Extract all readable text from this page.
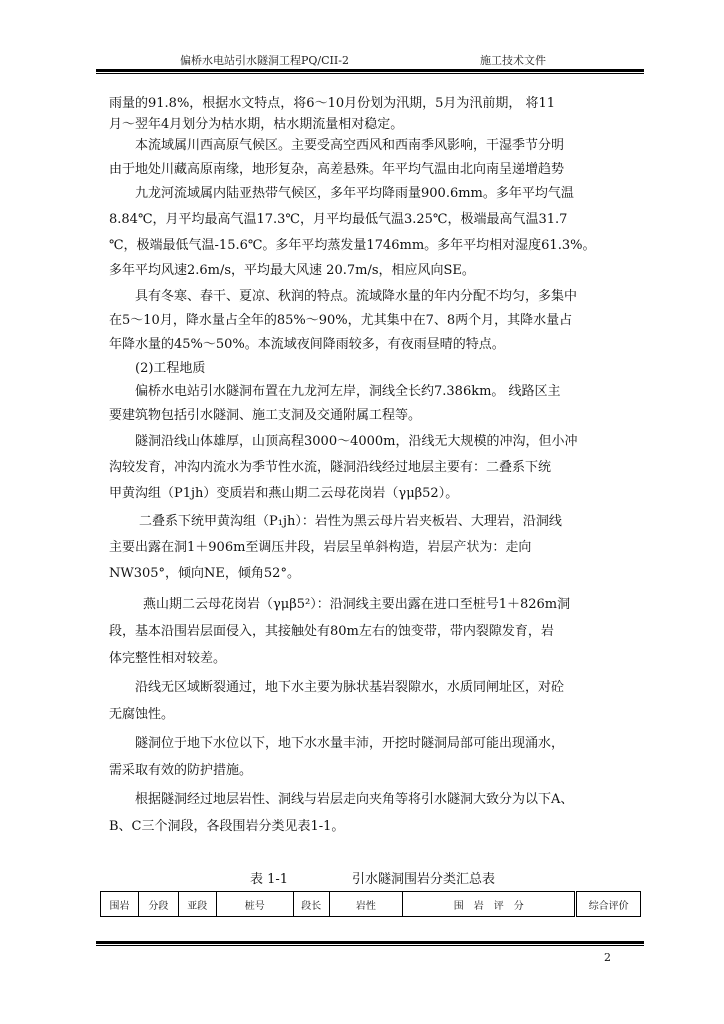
偏桥水电站引水隧洞工程PQ/CII-2	施工技术文件
雨量的91.8%，根据水文特点，将6～10月份划为汛期，5月为汛前期， 将11
月～翌年4月划分为枯水期，枯水期流量相对稳定。
本流域属川西高原气候区。主要受高空西风和西南季风影响，干湿季节分明
由于地处川藏高原南缘，地形复杂，高差悬殊。年平均气温由北向南呈递增趋势
九龙河流域属内陆亚热带气候区，多年平均降雨量900.6mm。多年平均气温
8.84℃，月平均最高气温17.3℃，月平均最低气温3.25℃，极端最高气温31.7
℃，极端最低气温-15.6℃。多年平均蒸发量1746mm。多年平均相对湿度61.3%。
多年平均风速2.6m/s，平均最大风速 20.7m/s，相应风向SE。
具有冬寒、春干、夏凉、秋润的特点。流域降水量的年内分配不均匀，多集中
在5～10月，降水量占全年的85%～90%，尤其集中在7、8两个月，其降水量占
年降水量的45%～50%。本流域夜间降雨较多，有夜雨昼晴的特点。
(2)工程地质
偏桥水电站引水隧洞布置在九龙河左岸，洞线全长约7.386km。 线路区主
要建筑物包括引水隧洞、施工支洞及交通附属工程等。
隧洞沿线山体雄厚，山顶高程3000～4000m，沿线无大规模的冲沟，但小冲
沟较发育，冲沟内流水为季节性水流，隧洞沿线经过地层主要有：二叠系下统
甲黄沟组（P1jh）变质岩和燕山期二云母花岗岩（γμβ52）。
二叠系下统甲黄沟组（P₁jh）：岩性为黑云母片岩夹板岩、大理岩，沿洞线
主要出露在洞1＋906m至调压井段，岩层呈单斜构造，岩层产状为：走向
NW305°，倾向NE，倾角52°。
燕山期二云母花岗岩（γμβ5²）：沿洞线主要出露在进口至桩号1＋826m洞
段，基本沿围岩层面侵入，其接触处有80m左右的蚀变带，带内裂隙发育，岩
体完整性相对较差。
沿线无区域断裂通过，地下水主要为脉状基岩裂隙水，水质同闸址区，对砼
无腐蚀性。
隧洞位于地下水位以下，地下水水量丰沛，开挖时隧洞局部可能出现涌水，
需采取有效的防护措施。
根据隧洞经过地层岩性、洞线与岩层走向夹角等将引水隧洞大致分为以下A、
B、C三个洞段，各段围岩分类见表1-1。
表 1-1	引水隧洞围岩分类汇总表
围岩	分段	亚段	桩号	段长	岩性	围　岩　评　分	综合评价
2
